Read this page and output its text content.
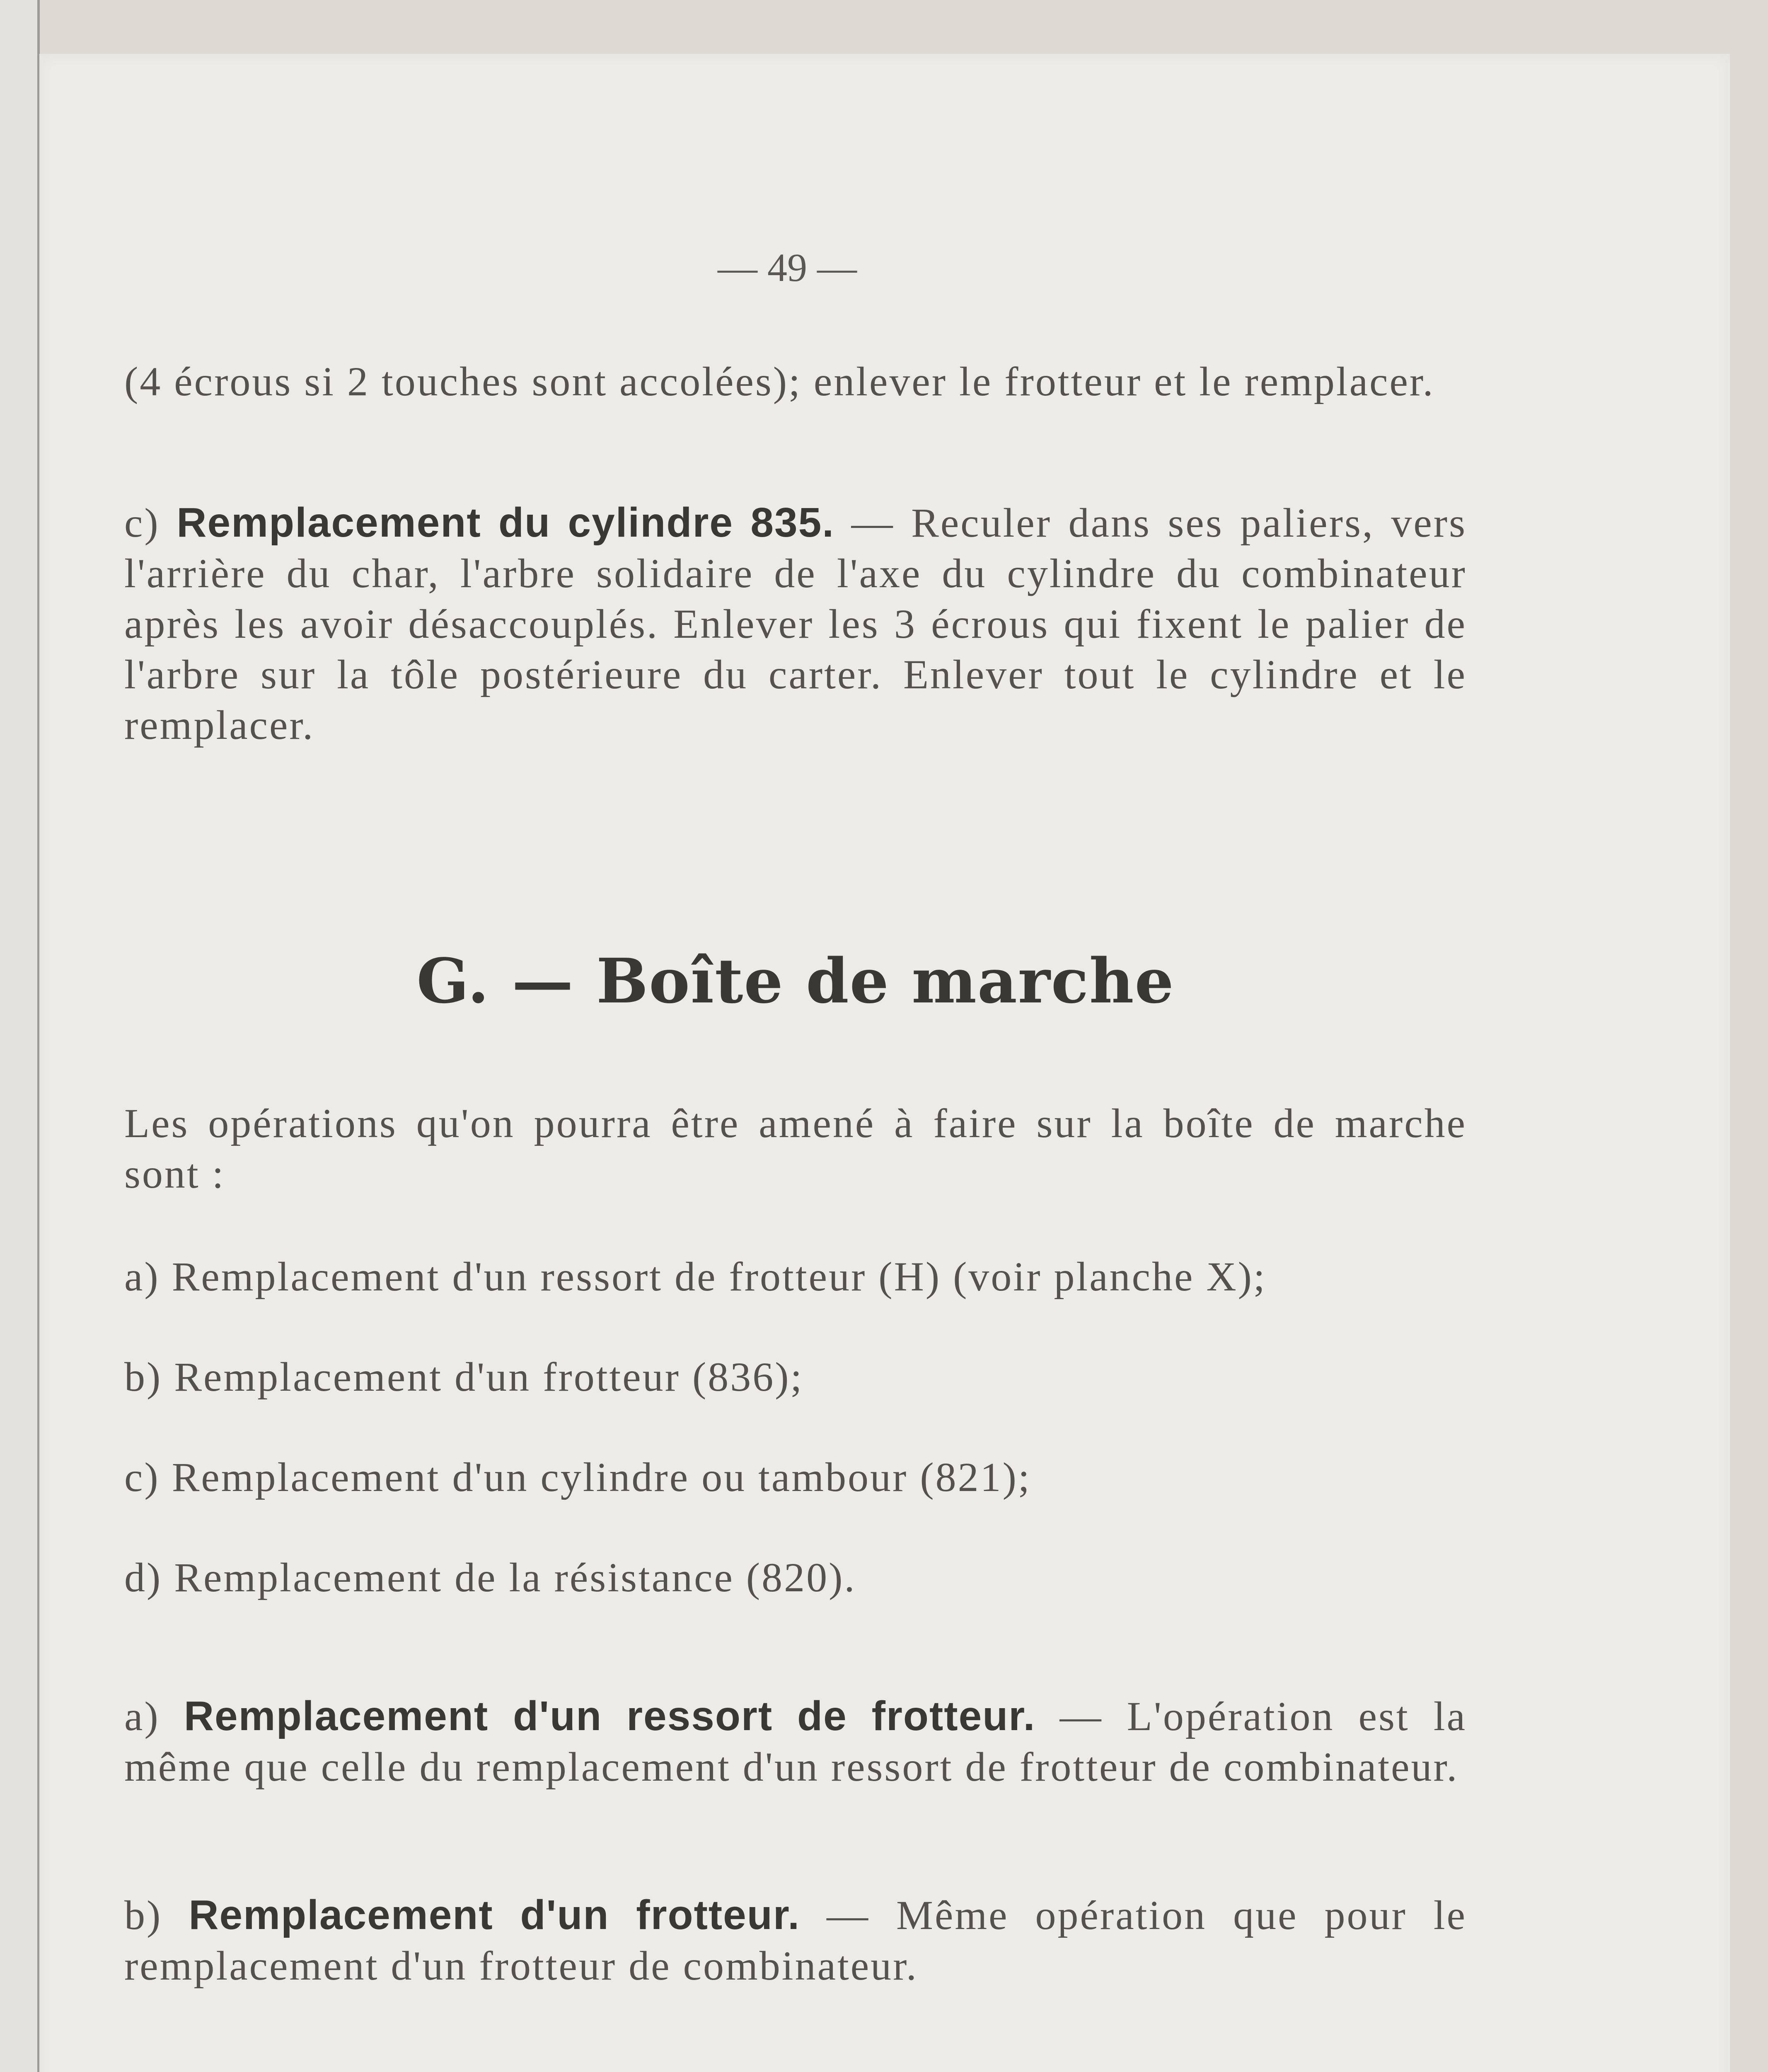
— 49 —

(4 écrous si 2 touches sont accolées); enlever le frotteur et le remplacer.

c) Remplacement du cylindre 835. — Reculer dans ses paliers, vers l'arrière du char, l'arbre solidaire de l'axe du cylindre du combinateur après les avoir désaccouplés. Enlever les 3 écrous qui fixent le palier de l'arbre sur la tôle postérieure du carter. Enlever tout le cylindre et le remplacer.

G. — Boîte de marche

Les opérations qu'on pourra être amené à faire sur la boîte de marche sont :

a) Remplacement d'un ressort de frotteur (H) (voir planche X);

b) Remplacement d'un frotteur (836);

c) Remplacement d'un cylindre ou tambour (821);

d) Remplacement de la résistance (820).

a) Remplacement d'un ressort de frotteur. — L'opération est la même que celle du remplacement d'un ressort de frotteur de combinateur.

b) Remplacement d'un frotteur. — Même opération que pour le remplacement d'un frotteur de combinateur.
